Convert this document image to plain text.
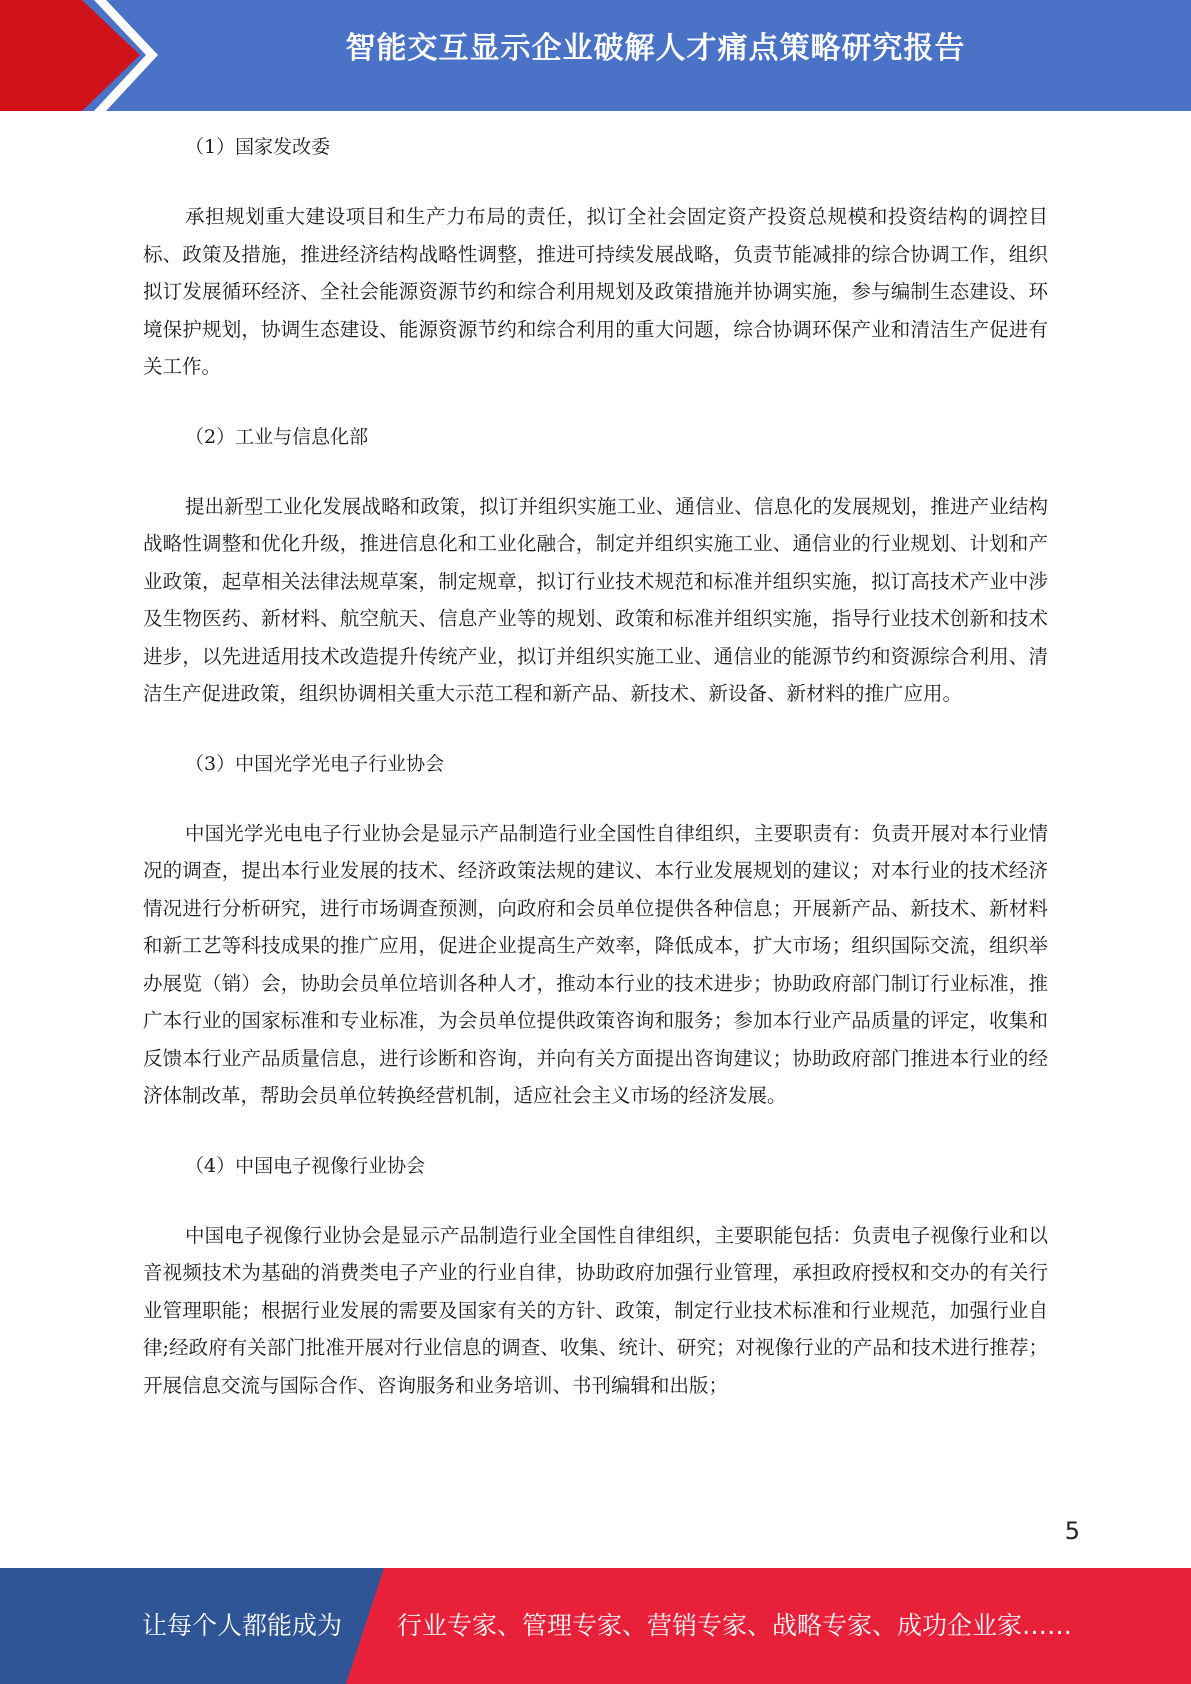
智能交互显示企业破解人才痛点策略研究报告
（1）国家发改委
承担规划重大建设项目和生产力布局的责任，拟订全社会固定资产投资总规模和投资结构的调控目标、政策及措施，推进经济结构战略性调整，推进可持续发展战略，负责节能减排的综合协调工作，组织拟订发展循环经济、全社会能源资源节约和综合利用规划及政策措施并协调实施，参与编制生态建设、环境保护规划，协调生态建设、能源资源节约和综合利用的重大问题，综合协调环保产业和清洁生产促进有关工作。
（2）工业与信息化部
提出新型工业化发展战略和政策，拟订并组织实施工业、通信业、信息化的发展规划，推进产业结构战略性调整和优化升级，推进信息化和工业化融合，制定并组织实施工业、通信业的行业规划、计划和产业政策，起草相关法律法规草案，制定规章，拟订行业技术规范和标准并组织实施，拟订高技术产业中涉及生物医药、新材料、航空航天、信息产业等的规划、政策和标准并组织实施，指导行业技术创新和技术进步，以先进适用技术改造提升传统产业，拟订并组织实施工业、通信业的能源节约和资源综合利用、清洁生产促进政策，组织协调相关重大示范工程和新产品、新技术、新设备、新材料的推广应用。
（3）中国光学光电子行业协会
中国光学光电电子行业协会是显示产品制造行业全国性自律组织，主要职责有：负责开展对本行业情况的调查，提出本行业发展的技术、经济政策法规的建议、本行业发展规划的建议；对本行业的技术经济情况进行分析研究，进行市场调查预测，向政府和会员单位提供各种信息；开展新产品、新技术、新材料和新工艺等科技成果的推广应用，促进企业提高生产效率，降低成本，扩大市场；组织国际交流，组织举办展览（销）会，协助会员单位培训各种人才，推动本行业的技术进步；协助政府部门制订行业标准，推广本行业的国家标准和专业标准，为会员单位提供政策咨询和服务；参加本行业产品质量的评定，收集和反馈本行业产品质量信息，进行诊断和咨询，并向有关方面提出咨询建议；协助政府部门推进本行业的经济体制改革，帮助会员单位转换经营机制，适应社会主义市场的经济发展。
（4）中国电子视像行业协会
中国电子视像行业协会是显示产品制造行业全国性自律组织，主要职能包括：负责电子视像行业和以音视频技术为基础的消费类电子产业的行业自律，协助政府加强行业管理，承担政府授权和交办的有关行业管理职能；根据行业发展的需要及国家有关的方针、政策，制定行业技术标准和行业规范，加强行业自律;经政府有关部门批准开展对行业信息的调查、收集、统计、研究；对视像行业的产品和技术进行推荐；开展信息交流与国际合作、咨询服务和业务培训、书刊编辑和出版；
5
让每个人都能成为 行业专家、管理专家、营销专家、战略专家、成功企业家……
